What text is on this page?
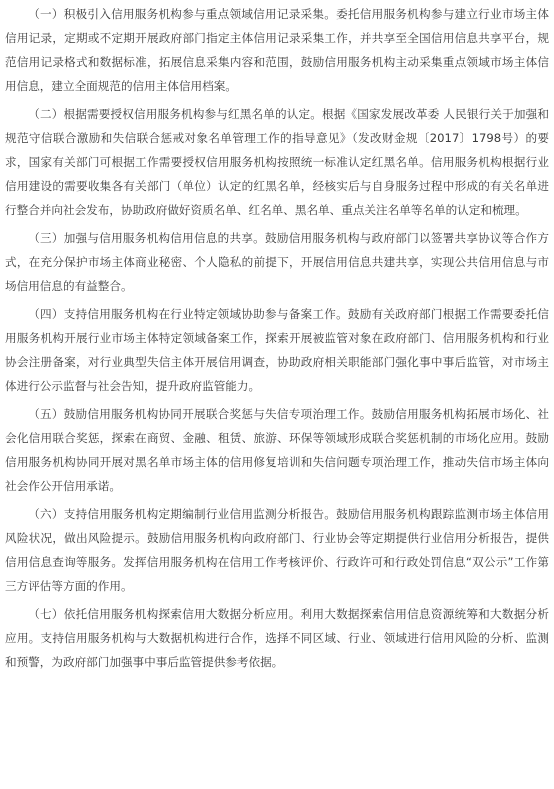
（一）积极引入信用服务机构参与重点领域信用记录采集。委托信用服务机构参与建立行业市场主体信用记录，定期或不定期开展政府部门指定主体信用记录采集工作，并共享至全国信用信息共享平台，规范信用记录格式和数据标准，拓展信息采集内容和范围，鼓励信用服务机构主动采集重点领域市场主体信用信息，建立全面规范的信用主体信用档案。

（二）根据需要授权信用服务机构参与红黑名单的认定。根据《国家发展改革委 人民银行关于加强和规范守信联合激励和失信联合惩戒对象名单管理工作的指导意见》（发改财金规〔2017〕1798号）的要求，国家有关部门可根据工作需要授权信用服务机构按照统一标准认定红黑名单。信用服务机构根据行业信用建设的需要收集各有关部门（单位）认定的红黑名单，经核实后与自身服务过程中形成的有关名单进行整合并向社会发布，协助政府做好资质名单、红名单、黑名单、重点关注名单等名单的认定和梳理。

（三）加强与信用服务机构信用信息的共享。鼓励信用服务机构与政府部门以签署共享协议等合作方式，在充分保护市场主体商业秘密、个人隐私的前提下，开展信用信息共建共享，实现公共信用信息与市场信用信息的有益整合。

（四）支持信用服务机构在行业特定领域协助参与备案工作。鼓励有关政府部门根据工作需要委托信用服务机构开展行业市场主体特定领域备案工作，探索开展被监管对象在政府部门、信用服务机构和行业协会注册备案，对行业典型失信主体开展信用调查，协助政府相关职能部门强化事中事后监管，对市场主体进行公示监督与社会告知，提升政府监管能力。

（五）鼓励信用服务机构协同开展联合奖惩与失信专项治理工作。鼓励信用服务机构拓展市场化、社会化信用联合奖惩，探索在商贸、金融、租赁、旅游、环保等领域形成联合奖惩机制的市场化应用。鼓励信用服务机构协同开展对黑名单市场主体的信用修复培训和失信问题专项治理工作，推动失信市场主体向社会作公开信用承诺。

（六）支持信用服务机构定期编制行业信用监测分析报告。鼓励信用服务机构跟踪监测市场主体信用风险状况，做出风险提示。鼓励信用服务机构向政府部门、行业协会等定期提供行业信用分析报告，提供信用信息查询等服务。发挥信用服务机构在信用工作考核评价、行政许可和行政处罚信息“双公示”工作第三方评估等方面的作用。

（七）依托信用服务机构探索信用大数据分析应用。利用大数据探索信用信息资源统筹和大数据分析应用。支持信用服务机构与大数据机构进行合作，选择不同区域、行业、领域进行信用风险的分析、监测和预警，为政府部门加强事中事后监管提供参考依据。
